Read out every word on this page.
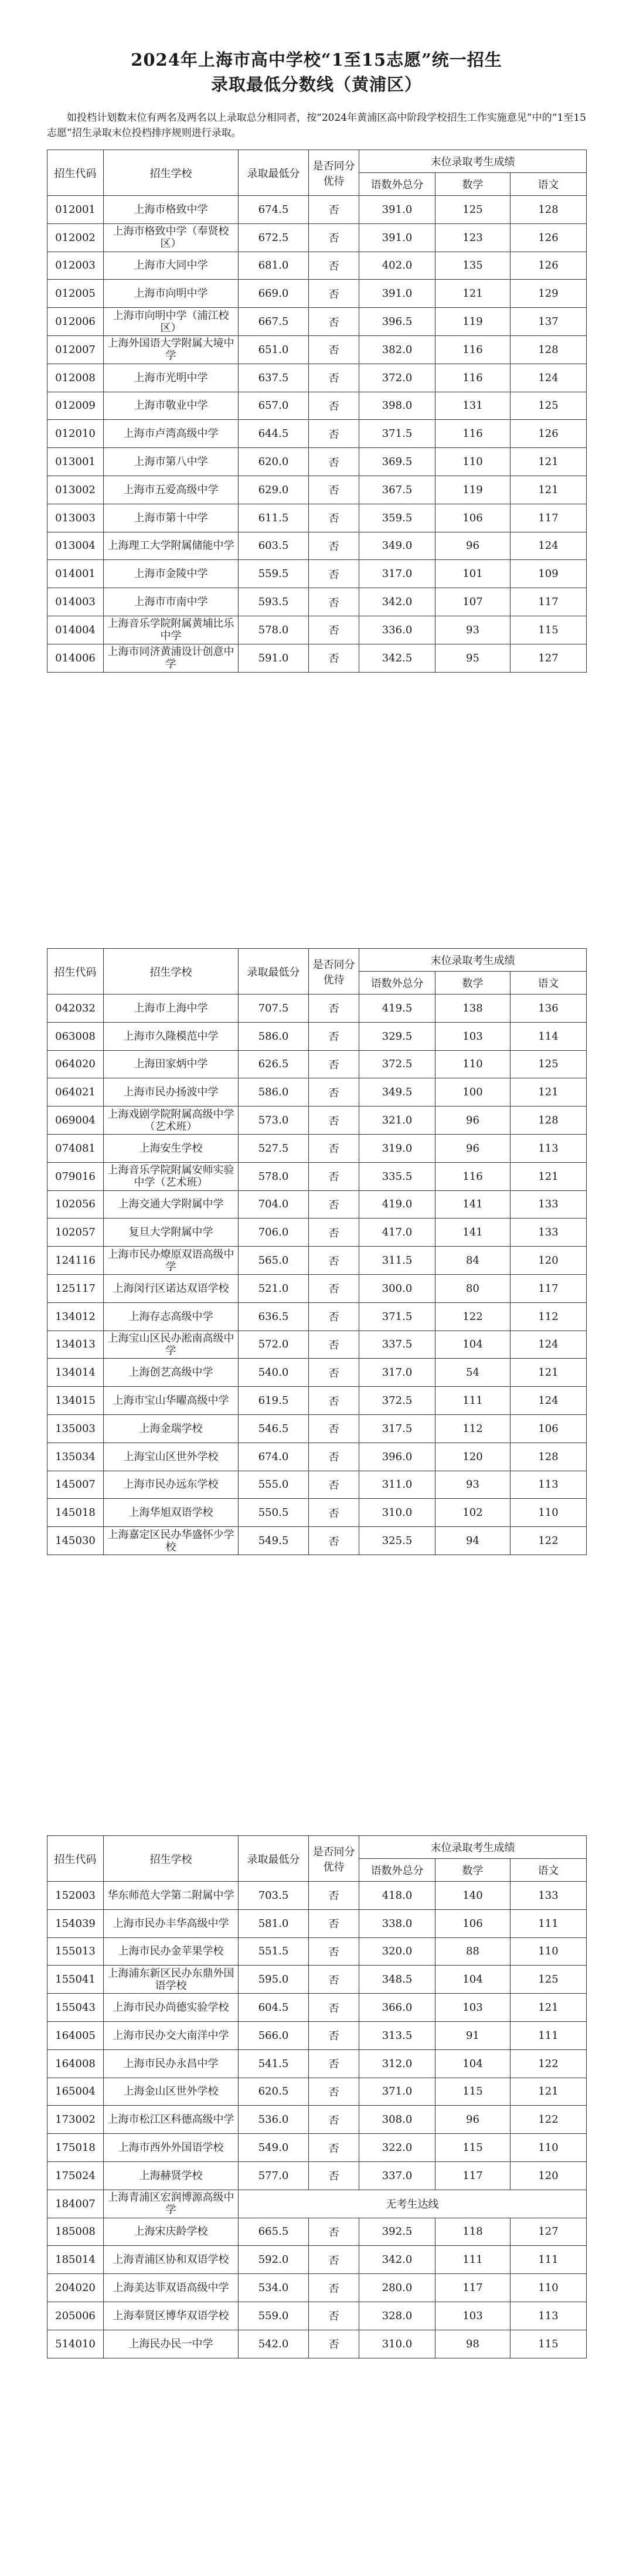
2024年上海市高中学校“1至15志愿”统一招生
录取最低分数线（黄浦区）
如投档计划数末位有两名及两名以上录取总分相同者，按“2024年黄浦区高中阶段学校招生工作实施意见”中的“1至15志愿”招生录取末位投档排序规则进行录取。
招生代码	招生学校	录取最低分	是否同分优待	末位录取考生成绩		
				语数外总分	数学	语文
012001	上海市格致中学	674.5	否	391.0	125	128
012002	上海市格致中学（奉贤校区）	672.5	否	391.0	123	126
012003	上海市大同中学	681.0	否	402.0	135	126
012005	上海市向明中学	669.0	否	391.0	121	129
012006	上海市向明中学（浦江校区）	667.5	否	396.5	119	137
012007	上海外国语大学附属大境中学	651.0	否	382.0	116	128
012008	上海市光明中学	637.5	否	372.0	116	124
012009	上海市敬业中学	657.0	否	398.0	131	125
012010	上海市卢湾高级中学	644.5	否	371.5	116	126
013001	上海市第八中学	620.0	否	369.5	110	121
013002	上海市五爱高级中学	629.0	否	367.5	119	121
013003	上海市第十中学	611.5	否	359.5	106	117
013004	上海理工大学附属储能中学	603.5	否	349.0	96	124
014001	上海市金陵中学	559.5	否	317.0	101	109
014003	上海市市南中学	593.5	否	342.0	107	117
014004	上海音乐学院附属黄埔比乐中学	578.0	否	336.0	93	115
014006	上海市同济黄浦设计创意中学	591.0	否	342.5	95	127
招生代码	招生学校	录取最低分	是否同分优待	末位录取考生成绩		
				语数外总分	数学	语文
042032	上海市上海中学	707.5	否	419.5	138	136
063008	上海市久隆模范中学	586.0	否	329.5	103	114
064020	上海田家炳中学	626.5	否	372.5	110	125
064021	上海市民办扬波中学	586.0	否	349.5	100	121
069004	上海戏剧学院附属高级中学（艺术班）	573.0	否	321.0	96	128
074081	上海安生学校	527.5	否	319.0	96	113
079016	上海音乐学院附属安师实验中学（艺术班）	578.0	否	335.5	116	121
102056	上海交通大学附属中学	704.0	否	419.0	141	133
102057	复旦大学附属中学	706.0	否	417.0	141	133
124116	上海市民办燎原双语高级中学	565.0	否	311.5	84	120
125117	上海闵行区诺达双语学校	521.0	否	300.0	80	117
134012	上海存志高级中学	636.5	否	371.5	122	112
134013	上海宝山区民办淞南高级中学	572.0	否	337.5	104	124
134014	上海创艺高级中学	540.0	否	317.0	54	121
134015	上海市宝山华曜高级中学	619.5	否	372.5	111	124
135003	上海金瑞学校	546.5	否	317.5	112	106
135034	上海宝山区世外学校	674.0	否	396.0	120	128
145007	上海市民办远东学校	555.0	否	311.0	93	113
145018	上海华旭双语学校	550.5	否	310.0	102	110
145030	上海嘉定区民办华盛怀少学校	549.5	否	325.5	94	122
招生代码	招生学校	录取最低分	是否同分优待	末位录取考生成绩		
				语数外总分	数学	语文
152003	华东师范大学第二附属中学	703.5	否	418.0	140	133
154039	上海市民办丰华高级中学	581.0	否	338.0	106	111
155013	上海市民办金苹果学校	551.5	否	320.0	88	110
155041	上海浦东新区民办东鼎外国语学校	595.0	否	348.5	104	125
155043	上海市民办尚德实验学校	604.5	否	366.0	103	121
164005	上海市民办交大南洋中学	566.0	否	313.5	91	111
164008	上海市民办永昌中学	541.5	否	312.0	104	122
165004	上海金山区世外学校	620.5	否	371.0	115	121
173002	上海市松江区科德高级中学	536.0	否	308.0	96	122
175018	上海市西外外国语学校	549.0	否	322.0	115	110
175024	上海赫贤学校	577.0	否	337.0	117	120
184007	上海青浦区宏润博源高级中学	无考生达线				
185008	上海宋庆龄学校	665.5	否	392.5	118	127
185014	上海青浦区协和双语学校	592.0	否	342.0	111	111
204020	上海美达菲双语高级中学	534.0	否	280.0	117	110
205006	上海奉贤区博华双语学校	559.0	否	328.0	103	113
514010	上海民办民一中学	542.0	否	310.0	98	115
